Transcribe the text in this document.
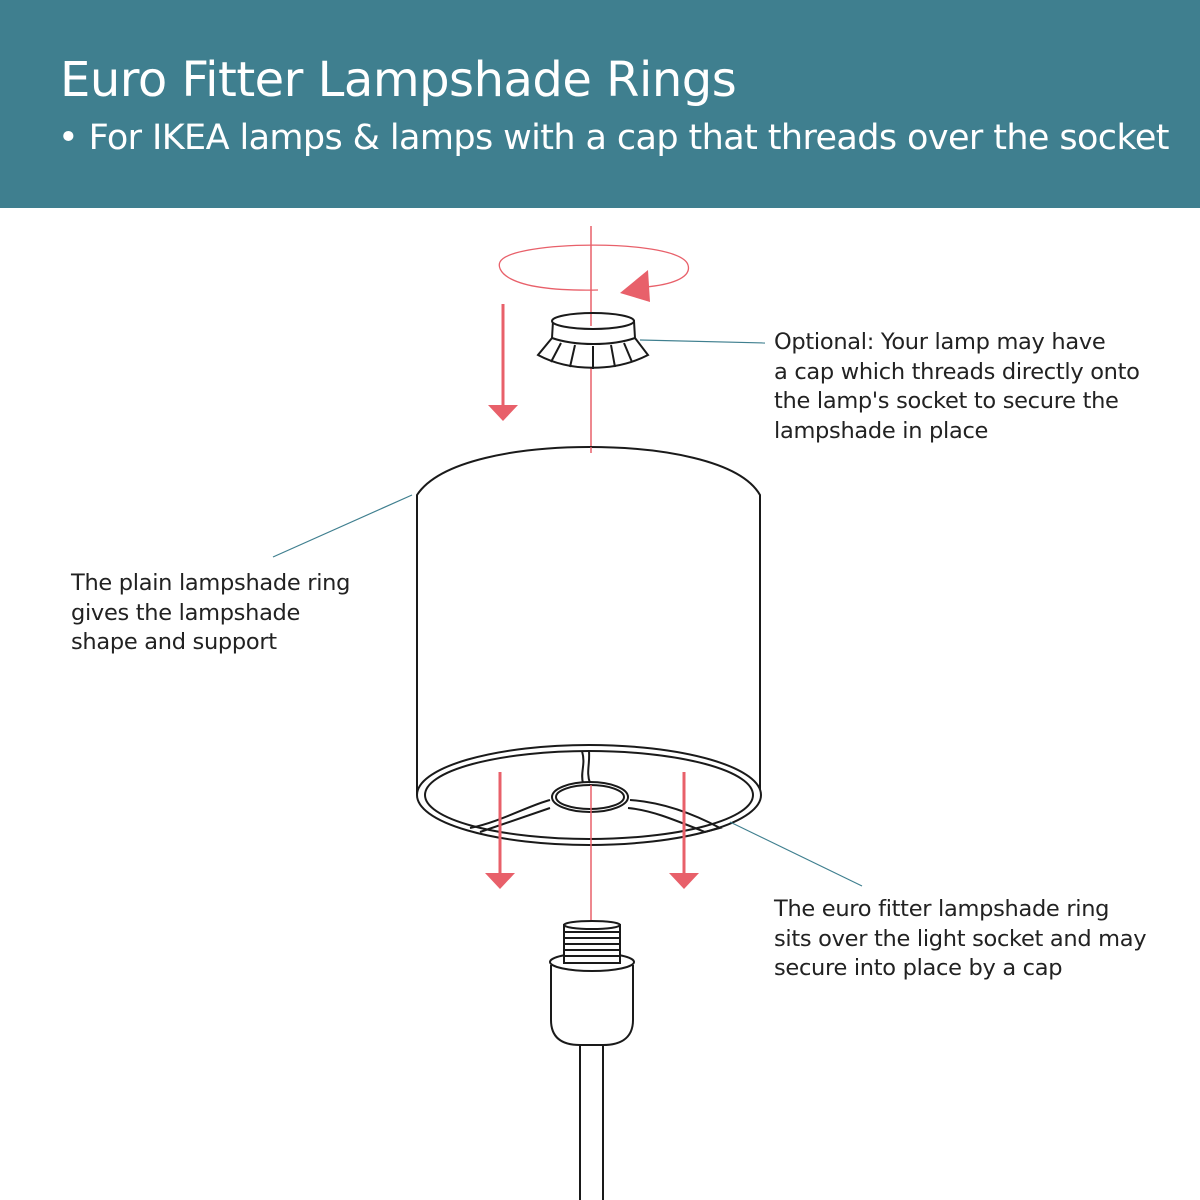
Euro Fitter Lampshade Rings
• For IKEA lamps & lamps with a cap that threads over the socket
Optional: Your lamp may have
a cap which threads directly onto
the lamp's socket to secure the
lampshade in place
The plain lampshade ring
gives the lampshade
shape and support
The euro fitter lampshade ring
sits over the light socket and may
secure into place by a cap
